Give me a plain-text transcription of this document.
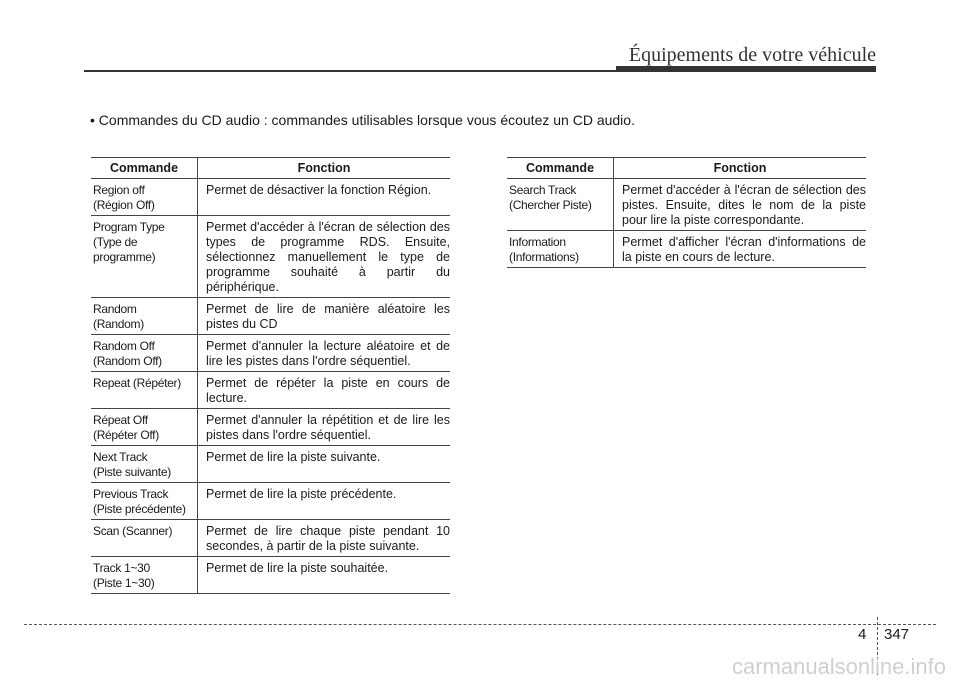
Équipements de votre véhicule
• Commandes du CD audio : commandes utilisables lorsque vous écoutez un CD audio.
Commande	Fonction
Region off
(Région Off)	Permet de désactiver la fonction Région.
Program Type
(Type de
programme)	Permet d'accéder à l'écran de sélection des types de programme RDS. Ensuite, sélectionnez manuellement le type de programme souhaité à partir du périphérique.
Random
(Random)	Permet de lire de manière aléatoire les pistes du CD
Random Off
(Random Off)	Permet d'annuler la lecture aléatoire et de lire les pistes dans l'ordre séquentiel.
Repeat (Répéter)	Permet de répéter la piste en cours de lecture.
Répeat Off
(Répéter Off)	Permet d'annuler la répétition et de lire les pistes dans l'ordre séquentiel.
Next Track
(Piste suivante)	Permet de lire la piste suivante.
Previous Track
(Piste précédente)	Permet de lire la piste précédente.
Scan (Scanner)	Permet de lire chaque piste pendant 10 secondes, à partir de la piste suivante.
Track 1~30
(Piste 1~30)	Permet de lire la piste souhaitée.
Commande	Fonction
Search Track
(Chercher Piste)	Permet d'accéder à l'écran de sélection des pistes. Ensuite, dites le nom de la piste pour lire la piste correspondante.
Information
(Informations)	Permet d'afficher l'écran d'informations de la piste en cours de lecture.
4 347
carmanualsonline.info
